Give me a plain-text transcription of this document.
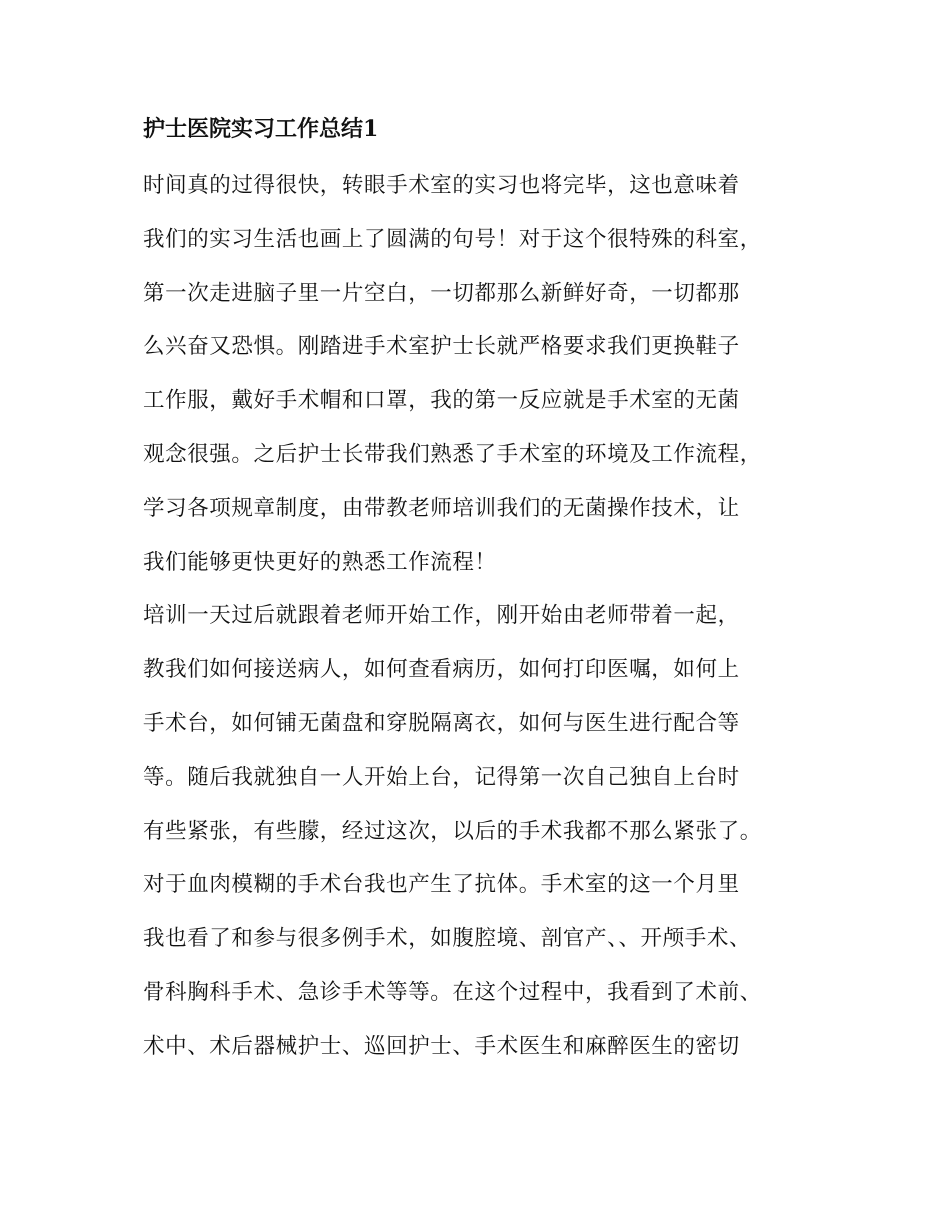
护士医院实习工作总结1
时间真的过得很快，转眼手术室的实习也将完毕，这也意味着
我们的实习生活也画上了圆满的句号！对于这个很特殊的科室，
第一次走进脑子里一片空白，一切都那么新鲜好奇，一切都那
么兴奋又恐惧。刚踏进手术室护士长就严格要求我们更换鞋子
工作服，戴好手术帽和口罩，我的第一反应就是手术室的无菌
观念很强。之后护士长带我们熟悉了手术室的环境及工作流程，
学习各项规章制度，由带教老师培训我们的无菌操作技术，让
我们能够更快更好的熟悉工作流程！
培训一天过后就跟着老师开始工作，刚开始由老师带着一起，
教我们如何接送病人，如何查看病历，如何打印医嘱，如何上
手术台，如何铺无菌盘和穿脱隔离衣，如何与医生进行配合等
等。随后我就独自一人开始上台，记得第一次自己独自上台时
有些紧张，有些朦，经过这次，以后的手术我都不那么紧张了。
对于血肉模糊的手术台我也产生了抗体。手术室的这一个月里
我也看了和参与很多例手术，如腹腔境、剖官产、、开颅手术、
骨科胸科手术、急诊手术等等。在这个过程中，我看到了术前、
术中、术后器械护士、巡回护士、手术医生和麻醉医生的密切
